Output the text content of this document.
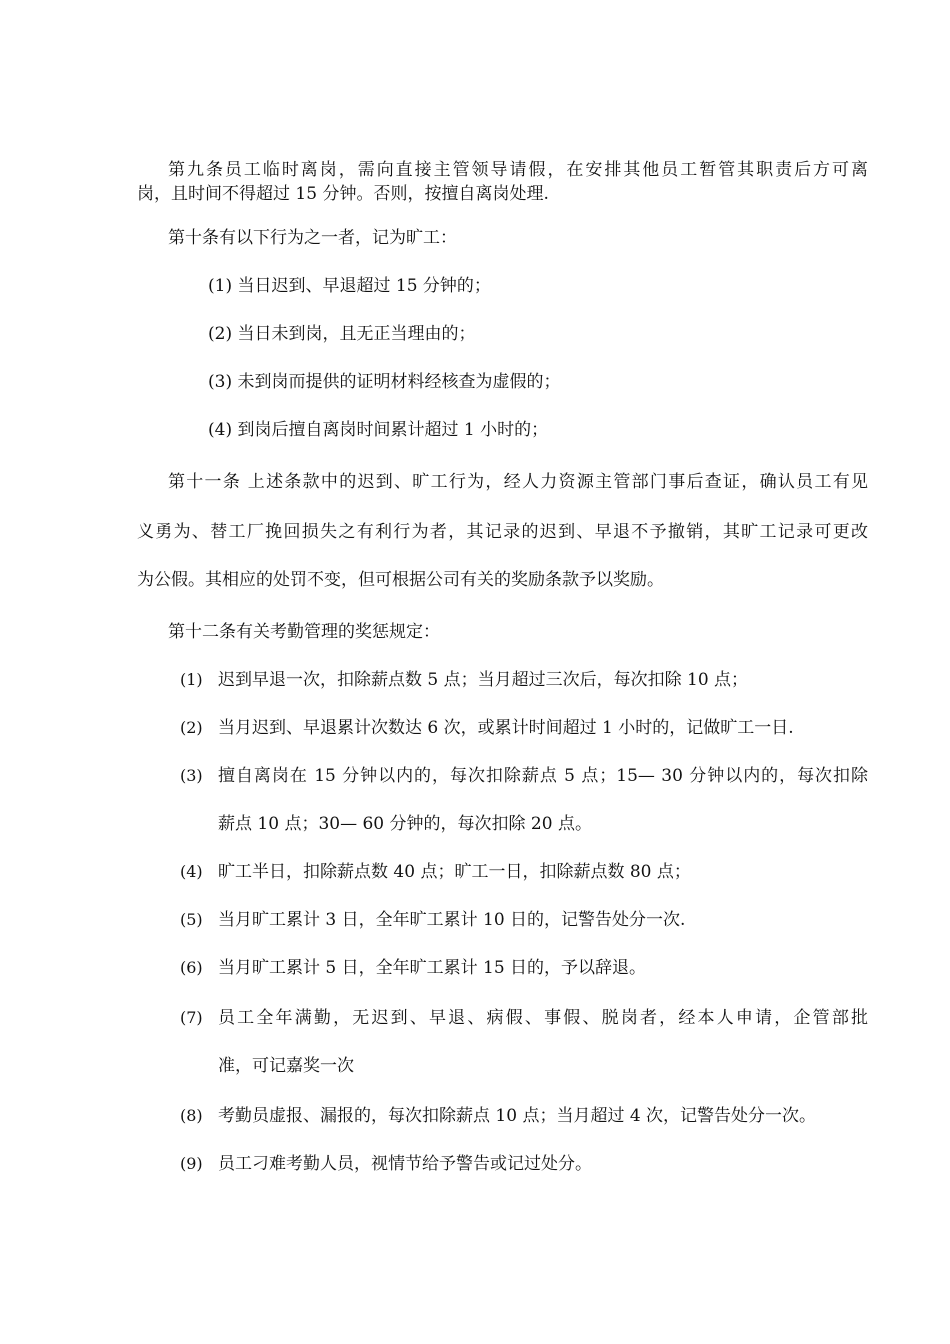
第九条员工临时离岗，需向直接主管领导请假，在安排其他员工暂管其职责后方可离
岗，且时间不得超过 15 分钟。否则，按擅自离岗处理.
第十条有以下行为之一者，记为旷工：
(1) 当日迟到、早退超过 15 分钟的；
(2) 当日未到岗，且无正当理由的；
(3) 未到岗而提供的证明材料经核查为虚假的；
(4) 到岗后擅自离岗时间累计超过 1 小时的；
第十一条 上述条款中的迟到、旷工行为，经人力资源主管部门事后查证，确认员工有见
义勇为、替工厂挽回损失之有利行为者，其记录的迟到、早退不予撤销，其旷工记录可更改
为公假。其相应的处罚不变，但可根据公司有关的奖励条款予以奖励。
第十二条有关考勤管理的奖惩规定：
(1) 迟到早退一次，扣除薪点数 5 点；当月超过三次后，每次扣除 10 点；
(2) 当月迟到、早退累计次数达 6 次，或累计时间超过 1 小时的，记做旷工一日.
(3) 擅自离岗在 15 分钟以内的，每次扣除薪点 5 点；15— 30 分钟以内的，每次扣除
薪点 10 点；30— 60 分钟的，每次扣除 20 点。
(4) 旷工半日，扣除薪点数 40 点；旷工一日，扣除薪点数 80 点；
(5) 当月旷工累计 3 日，全年旷工累计 10 日的，记警告处分一次.
(6) 当月旷工累计 5 日，全年旷工累计 15 日的，予以辞退。
(7) 员工全年满勤，无迟到、早退、病假、事假、脱岗者，经本人申请，企管部批
准，可记嘉奖一次
(8) 考勤员虚报、漏报的，每次扣除薪点 10 点；当月超过 4 次，记警告处分一次。
(9) 员工刁难考勤人员，视情节给予警告或记过处分。
